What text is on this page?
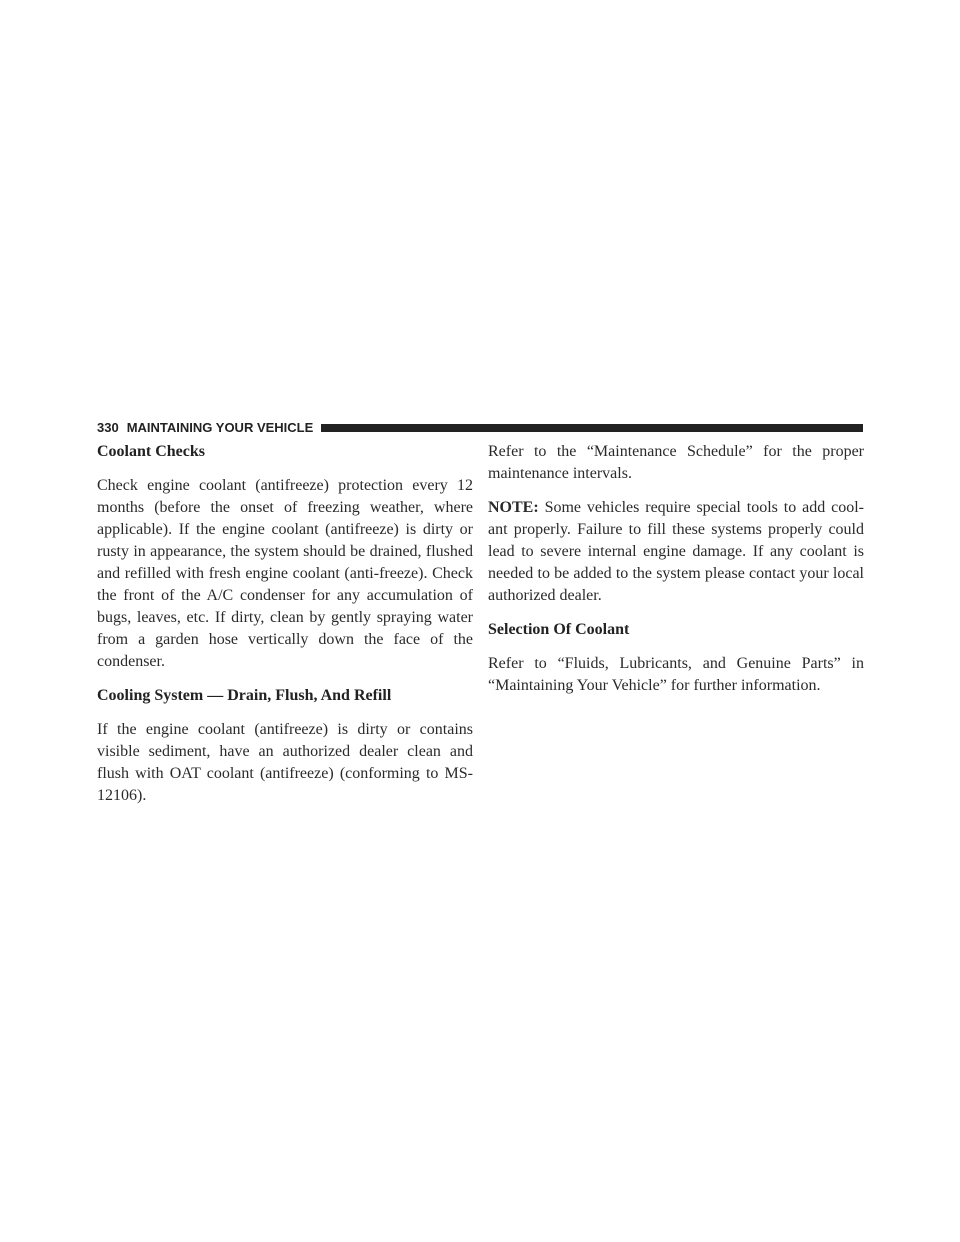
330 MAINTAINING YOUR VEHICLE
Coolant Checks

Check engine coolant (antifreeze) protection every 12 months (before the onset of freezing weather, where applicable). If the engine coolant (antifreeze) is dirty or rusty in appearance, the system should be drained, flushed and refilled with fresh engine coolant (anti-freeze). Check the front of the A/C condenser for any accumulation of bugs, leaves, etc. If dirty, clean by gently spraying water from a garden hose vertically down the face of the condenser.

Cooling System — Drain, Flush, And Refill

If the engine coolant (antifreeze) is dirty or contains visible sediment, have an authorized dealer clean and flush with OAT coolant (antifreeze) (conforming to MS-12106).

Refer to the “Maintenance Schedule” for the proper maintenance intervals.

NOTE: Some vehicles require special tools to add cool-ant properly. Failure to fill these systems properly could lead to severe internal engine damage. If any coolant is needed to be added to the system please contact your local authorized dealer.

Selection Of Coolant

Refer to “Fluids, Lubricants, and Genuine Parts” in “Maintaining Your Vehicle” for further information.
